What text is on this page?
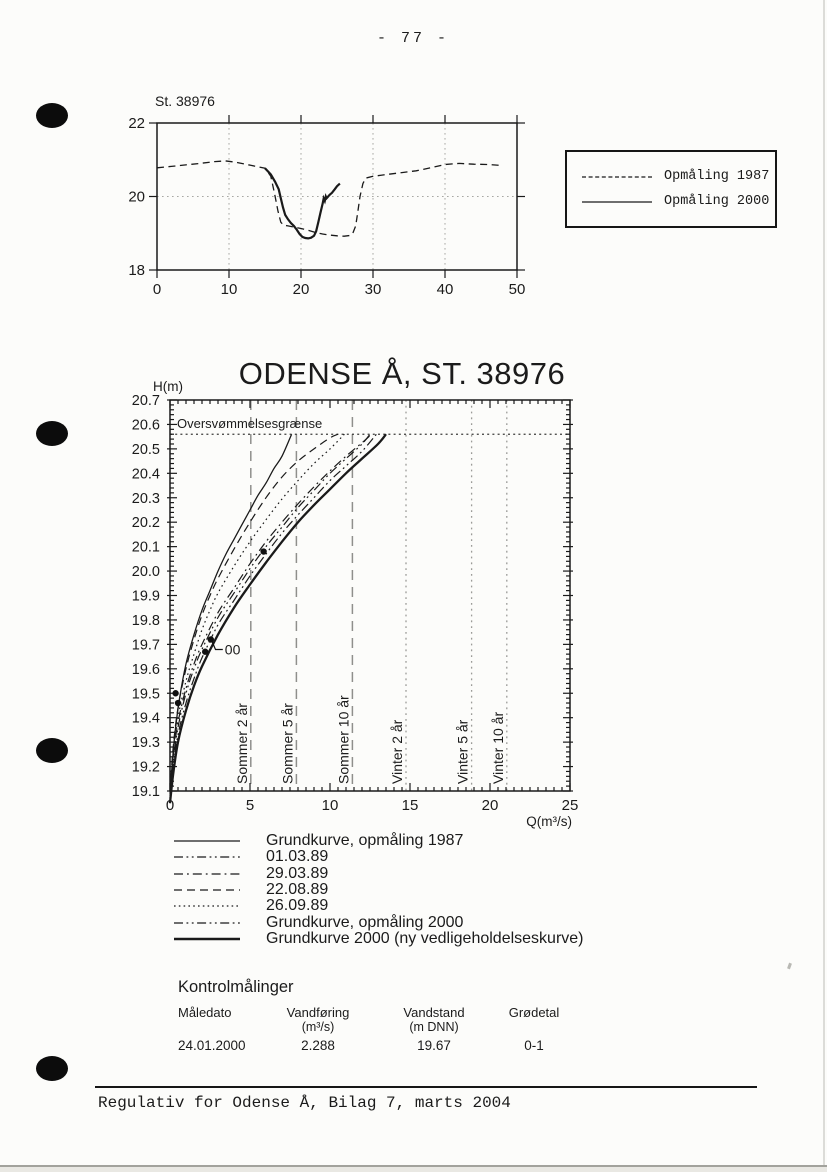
0	10	20	30	40	50
18
20
22
Sommer 2 år Sommer 5 år	Sommer 10 år	Vinter 2 år	Vinter 5 år Vinter 10 år
Oversvømmelsesgrænse
0	5	10	15	20	25
20.7
20.6
20.5
20.4
20.3
20.2
20.1
20.0
19.9
19.8
19.7
19.6
19.5
19.4
19.3
19.2
19.1
00
H(m)
Q(m³/s)
- 77 -
St. 38976
Opmåling 1987
Opmåling 2000
ODENSE Å, ST. 38976
Grundkurve, opmåling 1987
01.03.89
29.03.89
22.08.89
26.09.89
Grundkurve, opmåling 2000
Grundkurve 2000 (ny vedligeholdelseskurve)
Kontrolmålinger
Måledato	Vandføring	Vandstand	Grødetal
(m³/s)	(m DNN)
24.01.2000	2.288	19.67	0-1
Regulativ for Odense Å, Bilag 7, marts 2004
